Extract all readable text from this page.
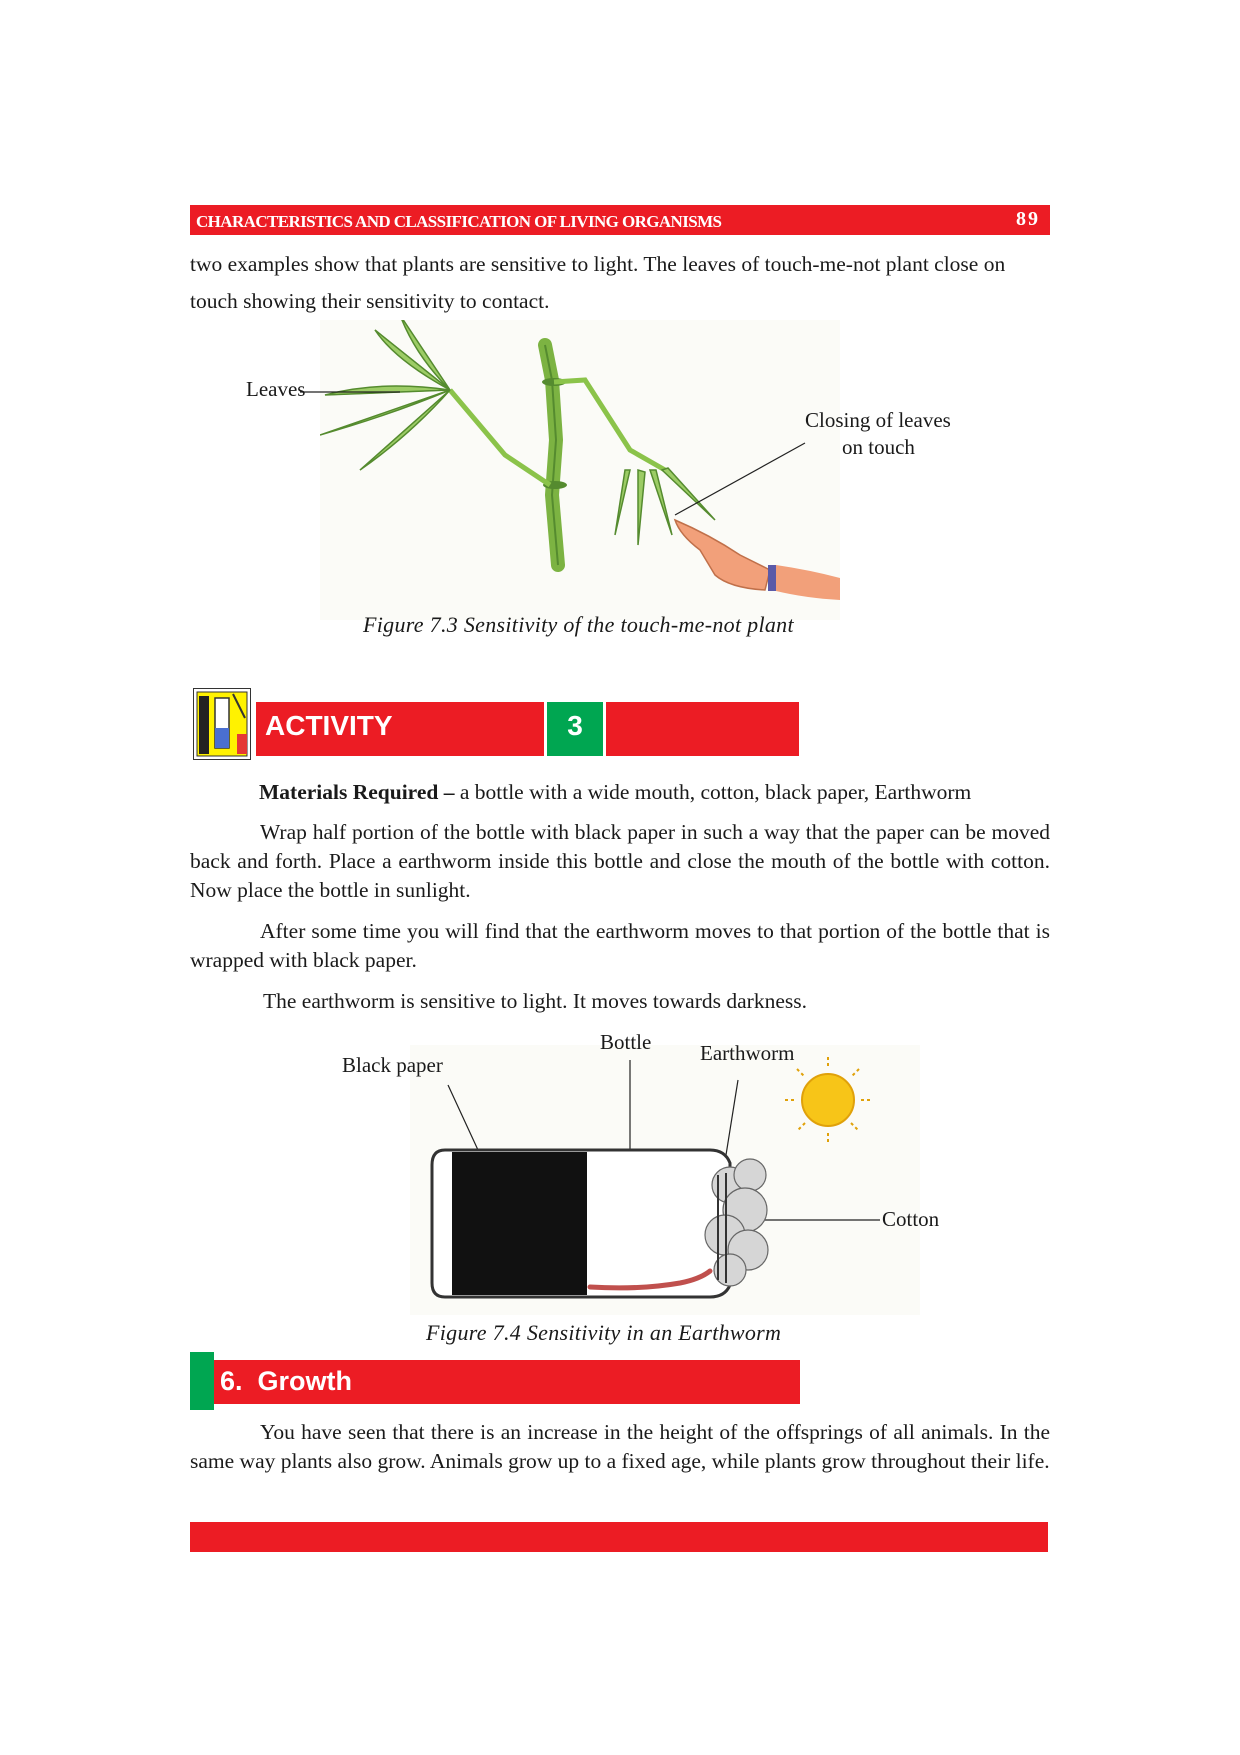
CHARACTERISTICS AND CLASSIFICATION OF LIVING ORGANISMS	89
two examples show that plants are sensitive to light. The leaves of touch-me-not plant close on
touch showing their sensitivity to contact.
Leaves
Closing of leaves
on touch
Figure 7.3 Sensitivity of the touch-me-not plant
ACTIVITY	3
Materials Required – a bottle with a wide mouth, cotton, black paper, Earthworm
Wrap half portion of the bottle with black paper in such a way that the paper can be moved back and forth. Place a earthworm inside this bottle and close the mouth of the bottle with cotton. Now place the bottle in sunlight.
After some time you will find that the earthworm moves to that portion of the bottle that is wrapped with black paper.
The earthworm is sensitive to light. It moves towards darkness.
Black paper
Bottle Earthworm
Cotton
Figure 7.4 Sensitivity in an Earthworm
6. Growth
You have seen that there is an increase in the height of the offsprings of all animals. In the same way plants also grow. Animals grow up to a fixed age, while plants grow throughout their life.
